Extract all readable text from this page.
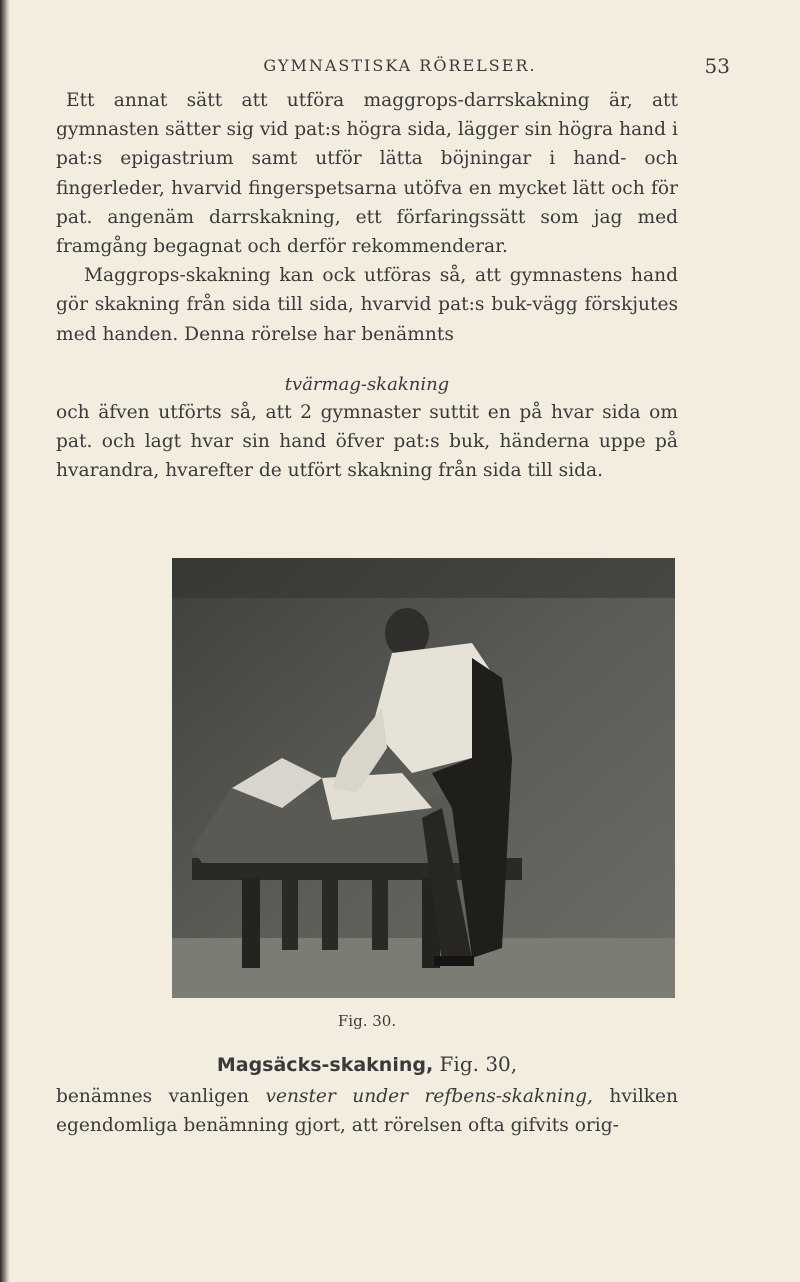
GYMNASTISKA RÖRELSER.	53

Ett annat sätt att utföra maggrops-darrskakning är, att gymnasten sätter sig vid pat:s högra sida, lägger sin högra hand i pat:s epigastrium samt utför lätta böjningar i hand- och fingerleder, hvarvid fingerspetsarna utöfva en mycket lätt och för pat. angenäm darrskakning, ett förfaringssätt som jag med framgång begagnat och derför rekommenderar.

Maggrops-skakning kan ock utföras så, att gymnastens hand gör skakning från sida till sida, hvarvid pat:s buk-vägg förskjutes med handen. Denna rörelse har benämnts

tvärmag-skakning

och äfven utförts så, att 2 gymnaster suttit en på hvar sida om pat. och lagt hvar sin hand öfver pat:s buk, händerna uppe på hvarandra, hvarefter de utfört skakning från sida till sida.

Fig. 30.
Magsäcks-skakning, Fig. 30,

benämnes vanligen venster under refbens-skakning, hvilken egendomliga benämning gjort, att rörelsen ofta gifvits orig-
